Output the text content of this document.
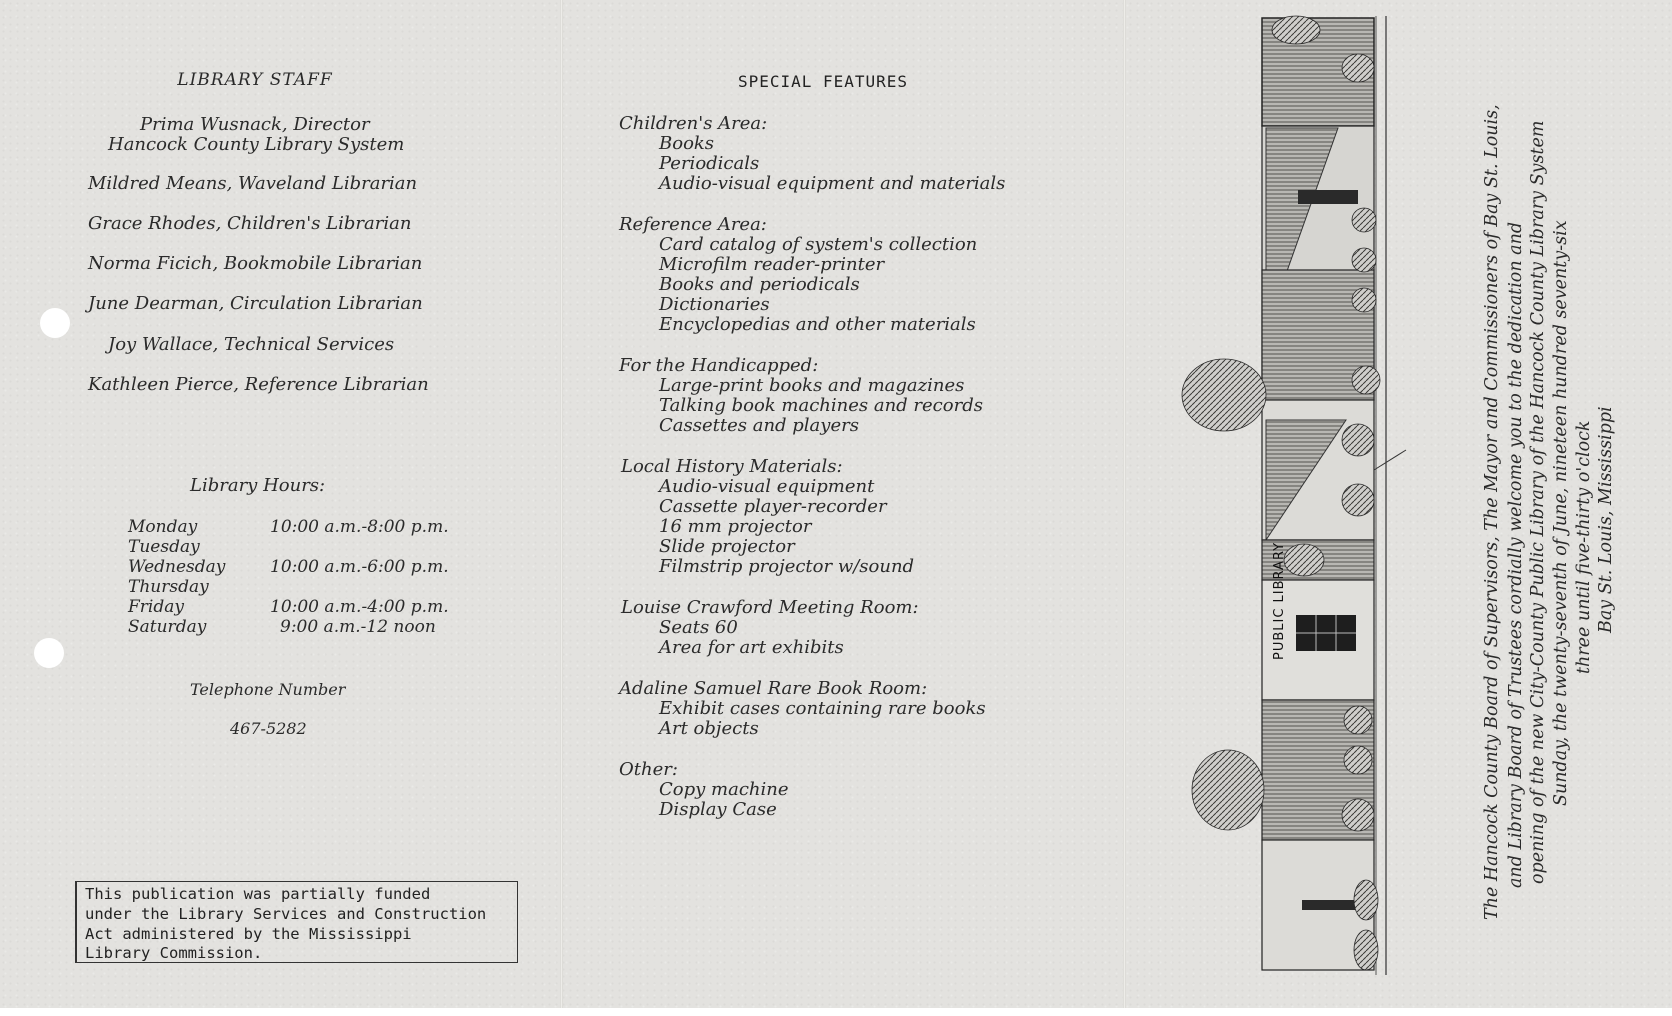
LIBRARY STAFF
Prima Wusnack, Director
Hancock County Library System
Mildred Means, Waveland Librarian
Grace Rhodes, Children's Librarian
Norma Ficich, Bookmobile Librarian
June Dearman, Circulation Librarian
Joy Wallace, Technical Services
Kathleen Pierce, Reference Librarian
Library Hours:
Monday	10:00 a.m.-8:00 p.m.
Tuesday
Wednesday	10:00 a.m.-6:00 p.m.
Thursday
Friday	10:00 a.m.-4:00 p.m.
Saturday	9:00 a.m.-12 noon
Telephone Number
467-5282
This publication was partially funded
under the Library Services and Construction
Act administered by the Mississippi
Library Commission.
SPECIAL FEATURES
Children's Area:
Books
Periodicals
Audio-visual equipment and materials
Reference Area:
Card catalog of system's collection
Microfilm reader-printer
Books and periodicals
Dictionaries
Encyclopedias and other materials
For the Handicapped:
Large-print books and magazines
Talking book machines and records
Cassettes and players
Local History Materials:
Audio-visual equipment
Cassette player-recorder
16 mm projector
Slide projector
Filmstrip projector w/sound
Louise Crawford Meeting Room:
Seats 60
Area for art exhibits
Adaline Samuel Rare Book Room:
Exhibit cases containing rare books
Art objects
Other:
Copy machine
Display Case
PUBLIC LIBRARY	The Hancock County Board of Supervisors, The Mayor and Commissioners of Bay St. Louis, and Library Board of Trustees cordially welcome you to the dedication and opening of the new City-County Public Library of the Hancock County Library System Sunday, the twenty-seventh of June, nineteen hundred seventy-six three until five-thirty o'clock Bay St. Louis, Mississippi
